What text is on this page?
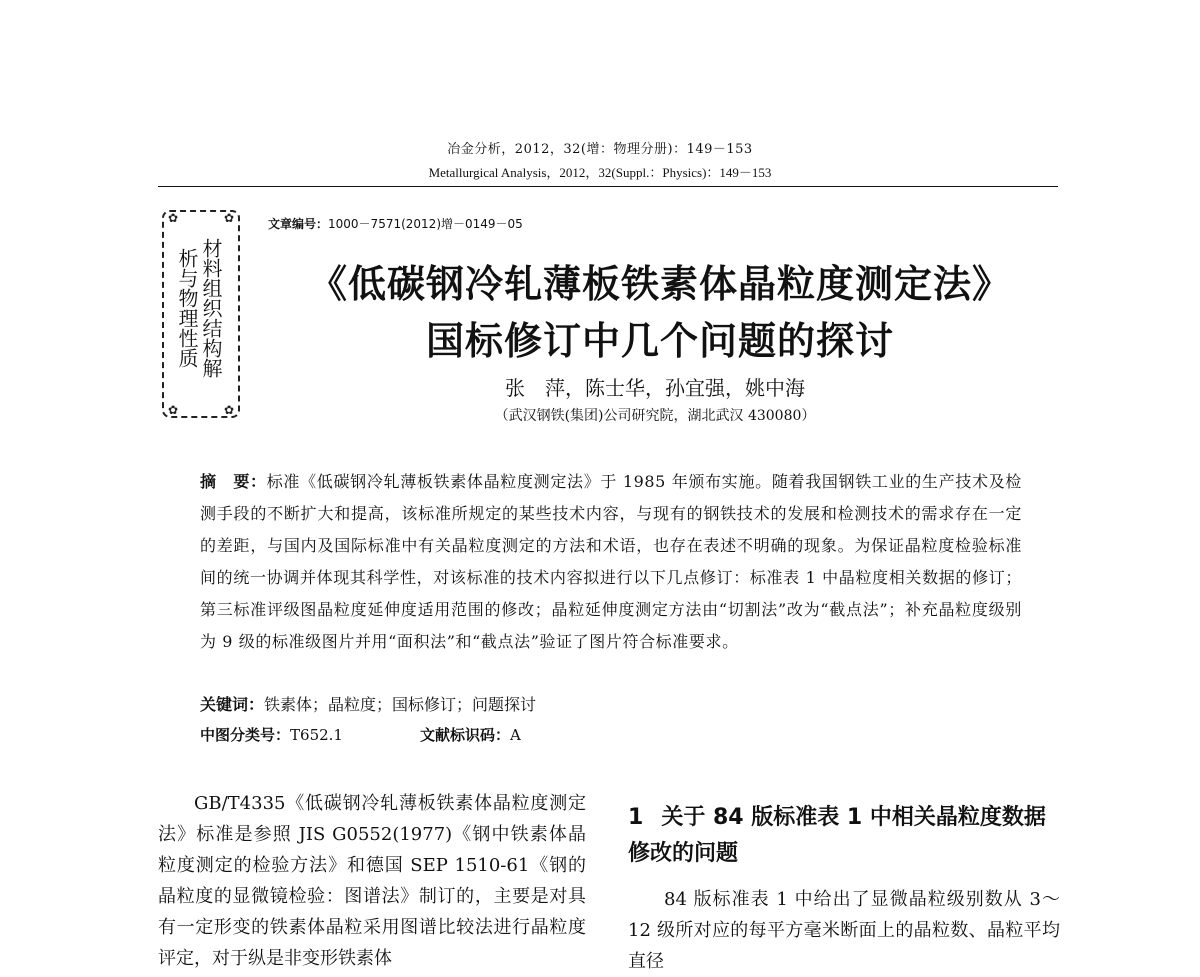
冶金分析，2012，32(增：物理分册)：149－153
Metallurgical Analysis，2012，32(Suppl.：Physics)：149－153
✿	✿
✿	✿
材料组织结构解
析与物理性质
文章编号：1000－7571(2012)增－0149－05
《低碳钢冷轧薄板铁素体晶粒度测定法》
国标修订中几个问题的探讨
张　萍，陈士华，孙宜强，姚中海
（武汉钢铁(集团)公司研究院，湖北武汉 430080）
摘　要：标准《低碳钢冷轧薄板铁素体晶粒度测定法》于 1985 年颁布实施。随着我国钢铁工业的生产技术及检测手段的不断扩大和提高，该标准所规定的某些技术内容，与现有的钢铁技术的发展和检测技术的需求存在一定的差距，与国内及国际标准中有关晶粒度测定的方法和术语，也存在表述不明确的现象。为保证晶粒度检验标准间的统一协调并体现其科学性，对该标准的技术内容拟进行以下几点修订：标准表 1 中晶粒度相关数据的修订；第三标准评级图晶粒度延伸度适用范围的修改；晶粒延伸度测定方法由“切割法”改为“截点法”；补充晶粒度级别为 9 级的标准级图片并用“面积法”和“截点法”验证了图片符合标准要求。
关键词：铁素体；晶粒度；国标修订；问题探讨
中图分类号：T652.1	文献标识码：A
GB/T4335《低碳钢冷轧薄板铁素体晶粒度测定法》标准是参照 JIS G0552(1977)《钢中铁素体晶粒度测定的检验方法》和德国 SEP 1510-61《钢的晶粒度的显微镜检验：图谱法》制订的，主要是对具有一定形变的铁素体晶粒采用图谱比较法进行晶粒度评定，对于纵是非变形铁素体
1 关于 84 版标准表 1 中相关晶粒度数据修改的问题
84 版标准表 1 中给出了显微晶粒级别数从 3～12 级所对应的每平方毫米断面上的晶粒数、晶粒平均直径
